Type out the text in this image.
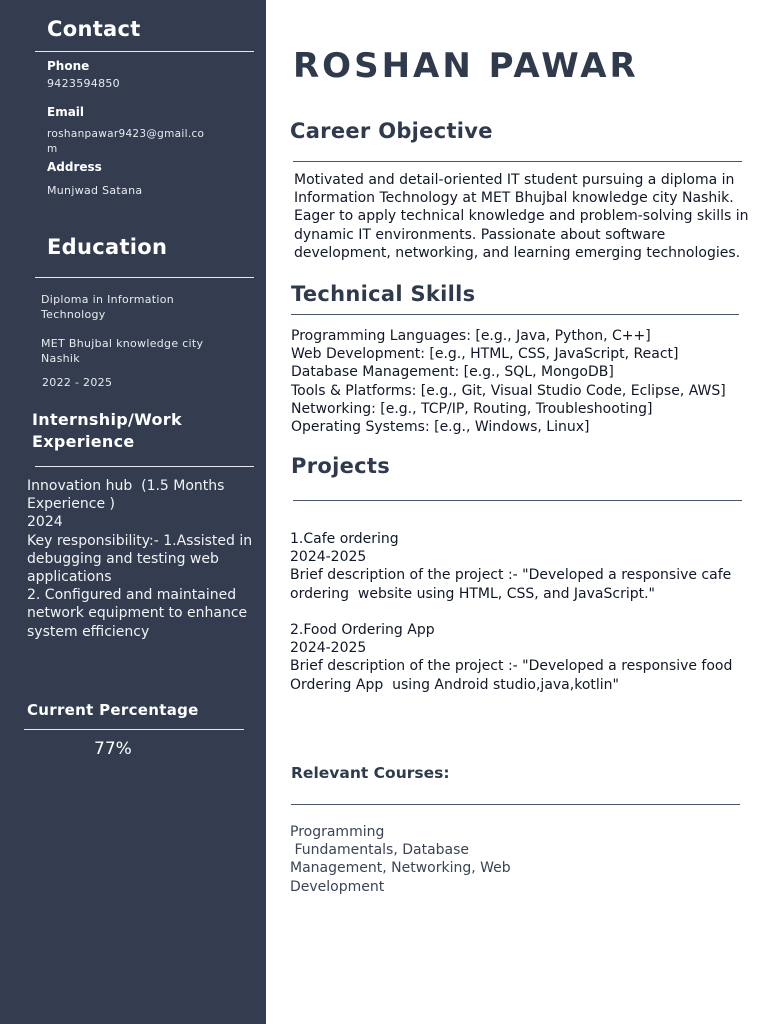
Contact
Phone
9423594850
Email
roshanpawar9423@gmail.co
m
Address
Munjwad Satana
Education
Diploma in Information
Technology
MET Bhujbal knowledge city
Nashik
2022 - 2025
Internship/Work
Experience
Innovation hub  (1.5 Months
Experience )
2024
Key responsibility:- 1.Assisted in
debugging and testing web
applications
2. Configured and maintained
network equipment to enhance
system efficiency
Current Percentage
77%
ROSHAN PAWAR
Career Objective
Motivated and detail-oriented IT student pursuing a diploma in
Information Technology at MET Bhujbal knowledge city Nashik.
Eager to apply technical knowledge and problem-solving skills in
dynamic IT environments. Passionate about software
development, networking, and learning emerging technologies.
Technical Skills
Programming Languages: [e.g., Java, Python, C++]
Web Development: [e.g., HTML, CSS, JavaScript, React]
Database Management: [e.g., SQL, MongoDB]
Tools & Platforms: [e.g., Git, Visual Studio Code, Eclipse, AWS]
Networking: [e.g., TCP/IP, Routing, Troubleshooting]
Operating Systems: [e.g., Windows, Linux]
Projects
1.Cafe ordering
2024-2025
Brief description of the project :- "Developed a responsive cafe
ordering  website using HTML, CSS, and JavaScript."
2.Food Ordering App
2024-2025
Brief description of the project :- "Developed a responsive food
Ordering App  using Android studio,java,kotlin"
Relevant Courses:
Programming
Fundamentals, Database
Management, Networking, Web
Development
